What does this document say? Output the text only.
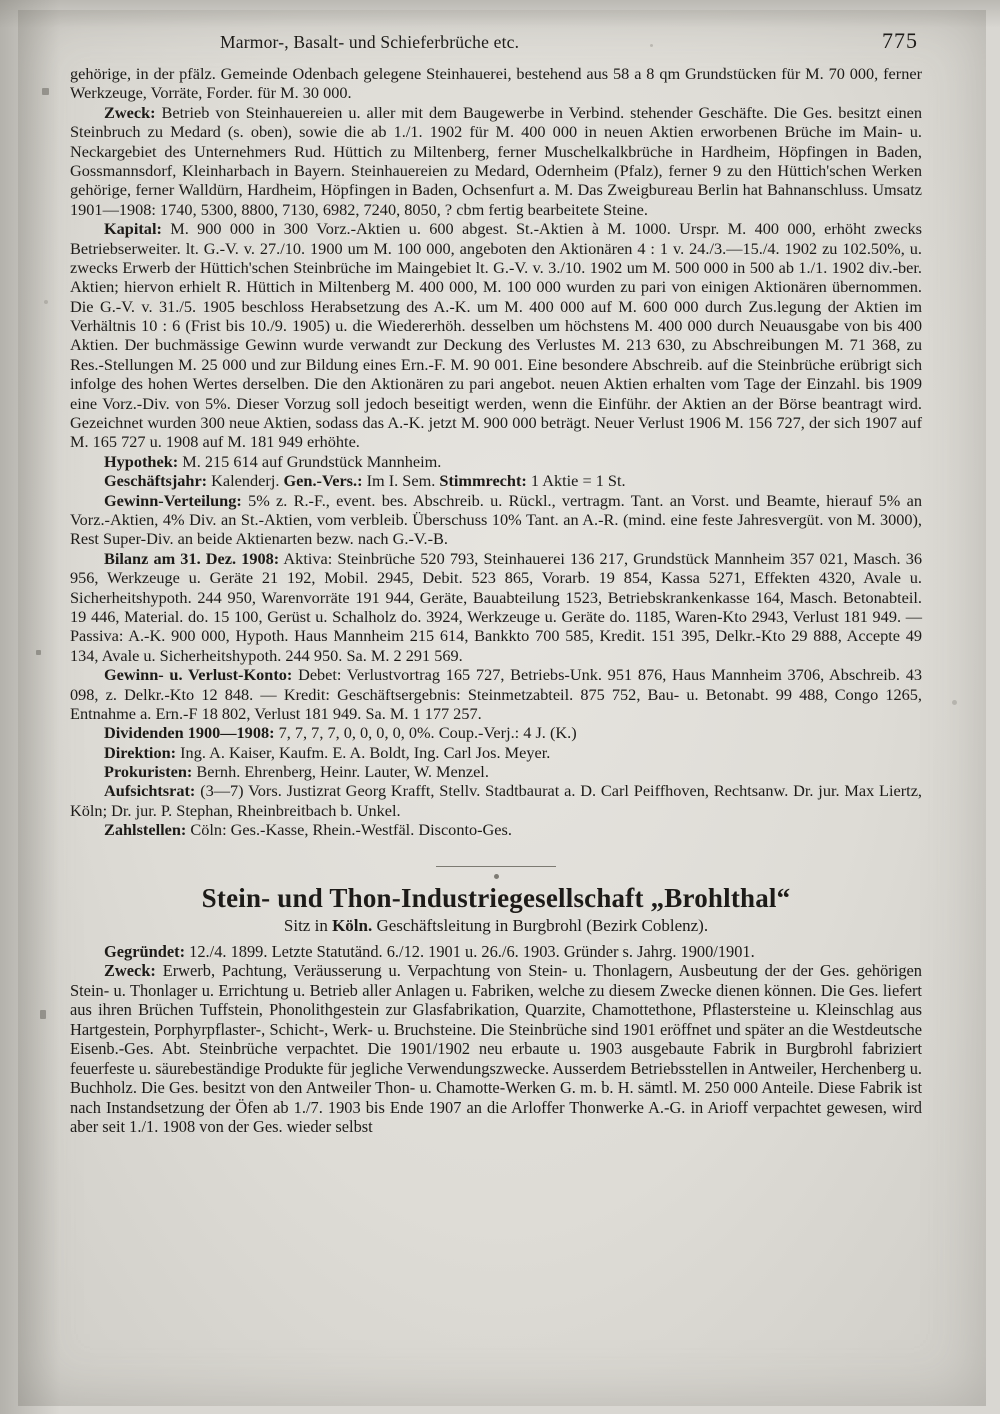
Marmor-, Basalt- und Schieferbrüche etc.	775

gehörige, in der pfälz. Gemeinde Odenbach gelegene Steinhauerei, bestehend aus 58 a 8 qm Grundstücken für M. 70 000, ferner Werkzeuge, Vorräte, Forder. für M. 30 000.

Zweck: Betrieb von Steinhauereien u. aller mit dem Baugewerbe in Verbind. stehender Geschäfte. Die Ges. besitzt einen Steinbruch zu Medard (s. oben), sowie die ab 1./1. 1902 für M. 400 000 in neuen Aktien erworbenen Brüche im Main- u. Neckargebiet des Unternehmers Rud. Hüttich zu Miltenberg, ferner Muschelkalkbrüche in Hardheim, Höpfingen in Baden, Gossmannsdorf, Kleinharbach in Bayern. Steinhauereien zu Medard, Odernheim (Pfalz), ferner 9 zu den Hüttich'schen Werken gehörige, ferner Walldürn, Hardheim, Höpfingen in Baden, Ochsenfurt a. M. Das Zweigbureau Berlin hat Bahnanschluss. Umsatz 1901—1908: 1740, 5300, 8800, 7130, 6982, 7240, 8050, ? cbm fertig bearbeitete Steine.

Kapital: M. 900 000 in 300 Vorz.-Aktien u. 600 abgest. St.-Aktien à M. 1000. Urspr. M. 400 000, erhöht zwecks Betriebserweiter. lt. G.-V. v. 27./10. 1900 um M. 100 000, angeboten den Aktionären 4 : 1 v. 24./3.—15./4. 1902 zu 102.50%, u. zwecks Erwerb der Hüttich'schen Steinbrüche im Maingebiet lt. G.-V. v. 3./10. 1902 um M. 500 000 in 500 ab 1./1. 1902 div.-ber. Aktien; hiervon erhielt R. Hüttich in Miltenberg M. 400 000, M. 100 000 wurden zu pari von einigen Aktionären übernommen. Die G.-V. v. 31./5. 1905 beschloss Herabsetzung des A.-K. um M. 400 000 auf M. 600 000 durch Zus.legung der Aktien im Verhältnis 10 : 6 (Frist bis 10./9. 1905) u. die Wiedererhöh. desselben um höchstens M. 400 000 durch Neuausgabe von bis 400 Aktien. Der buchmässige Gewinn wurde verwandt zur Deckung des Verlustes M. 213 630, zu Abschreibungen M. 71 368, zu Res.-Stellungen M. 25 000 und zur Bildung eines Ern.-F. M. 90 001. Eine besondere Abschreib. auf die Steinbrüche erübrigt sich infolge des hohen Wertes derselben. Die den Aktionären zu pari angebot. neuen Aktien erhalten vom Tage der Einzahl. bis 1909 eine Vorz.-Div. von 5%. Dieser Vorzug soll jedoch beseitigt werden, wenn die Einführ. der Aktien an der Börse beantragt wird. Gezeichnet wurden 300 neue Aktien, sodass das A.-K. jetzt M. 900 000 beträgt. Neuer Verlust 1906 M. 156 727, der sich 1907 auf M. 165 727 u. 1908 auf M. 181 949 erhöhte.

Hypothek: M. 215 614 auf Grundstück Mannheim.

Geschäftsjahr: Kalenderj. Gen.-Vers.: Im I. Sem. Stimmrecht: 1 Aktie = 1 St.

Gewinn-Verteilung: 5% z. R.-F., event. bes. Abschreib. u. Rückl., vertragm. Tant. an Vorst. und Beamte, hierauf 5% an Vorz.-Aktien, 4% Div. an St.-Aktien, vom verbleib. Überschuss 10% Tant. an A.-R. (mind. eine feste Jahresvergüt. von M. 3000), Rest Super-Div. an beide Aktienarten bezw. nach G.-V.-B.

Bilanz am 31. Dez. 1908: Aktiva: Steinbrüche 520 793, Steinhauerei 136 217, Grundstück Mannheim 357 021, Masch. 36 956, Werkzeuge u. Geräte 21 192, Mobil. 2945, Debit. 523 865, Vorarb. 19 854, Kassa 5271, Effekten 4320, Avale u. Sicherheitshypoth. 244 950, Warenvorräte 191 944, Geräte, Bauabteilung 1523, Betriebskrankenkasse 164, Masch. Betonabteil. 19 446, Material. do. 15 100, Gerüst u. Schalholz do. 3924, Werkzeuge u. Geräte do. 1185, Waren-Kto 2943, Verlust 181 949. — Passiva: A.-K. 900 000, Hypoth. Haus Mannheim 215 614, Bankkto 700 585, Kredit. 151 395, Delkr.-Kto 29 888, Accepte 49 134, Avale u. Sicherheitshypoth. 244 950. Sa. M. 2 291 569.

Gewinn- u. Verlust-Konto: Debet: Verlustvortrag 165 727, Betriebs-Unk. 951 876, Haus Mannheim 3706, Abschreib. 43 098, z. Delkr.-Kto 12 848. — Kredit: Geschäftsergebnis: Steinmetzabteil. 875 752, Bau- u. Betonabt. 99 488, Congo 1265, Entnahme a. Ern.-F 18 802, Verlust 181 949. Sa. M. 1 177 257.

Dividenden 1900—1908: 7, 7, 7, 7, 0, 0, 0, 0, 0%. Coup.-Verj.: 4 J. (K.)

Direktion: Ing. A. Kaiser, Kaufm. E. A. Boldt, Ing. Carl Jos. Meyer.

Prokuristen: Bernh. Ehrenberg, Heinr. Lauter, W. Menzel.

Aufsichtsrat: (3—7) Vors. Justizrat Georg Krafft, Stellv. Stadtbaurat a. D. Carl Peiffhoven, Rechtsanw. Dr. jur. Max Liertz, Köln; Dr. jur. P. Stephan, Rheinbreitbach b. Unkel.

Zahlstellen: Cöln: Ges.-Kasse, Rhein.-Westfäl. Disconto-Ges.

Stein- und Thon-Industriegesellschaft „Brohlthal“
Sitz in Köln. Geschäftsleitung in Burgbrohl (Bezirk Coblenz).

Gegründet: 12./4. 1899. Letzte Statutänd. 6./12. 1901 u. 26./6. 1903. Gründer s. Jahrg. 1900/1901.

Zweck: Erwerb, Pachtung, Veräusserung u. Verpachtung von Stein- u. Thonlagern, Ausbeutung der der Ges. gehörigen Stein- u. Thonlager u. Errichtung u. Betrieb aller Anlagen u. Fabriken, welche zu diesem Zwecke dienen können. Die Ges. liefert aus ihren Brüchen Tuffstein, Phonolithgestein zur Glasfabrikation, Quarzite, Chamottethone, Pflastersteine u. Kleinschlag aus Hartgestein, Porphyrpflaster-, Schicht-, Werk- u. Bruchsteine. Die Steinbrüche sind 1901 eröffnet und später an die Westdeutsche Eisenb.-Ges. Abt. Steinbrüche verpachtet. Die 1901/1902 neu erbaute u. 1903 ausgebaute Fabrik in Burgbrohl fabriziert feuerfeste u. säurebeständige Produkte für jegliche Verwendungszwecke. Ausserdem Betriebsstellen in Antweiler, Herchenberg u. Buchholz. Die Ges. besitzt von den Antweiler Thon- u. Chamotte-Werken G. m. b. H. sämtl. M. 250 000 Anteile. Diese Fabrik ist nach Instandsetzung der Öfen ab 1./7. 1903 bis Ende 1907 an die Arloffer Thonwerke A.-G. in Arioff verpachtet gewesen, wird aber seit 1./1. 1908 von der Ges. wieder selbst
